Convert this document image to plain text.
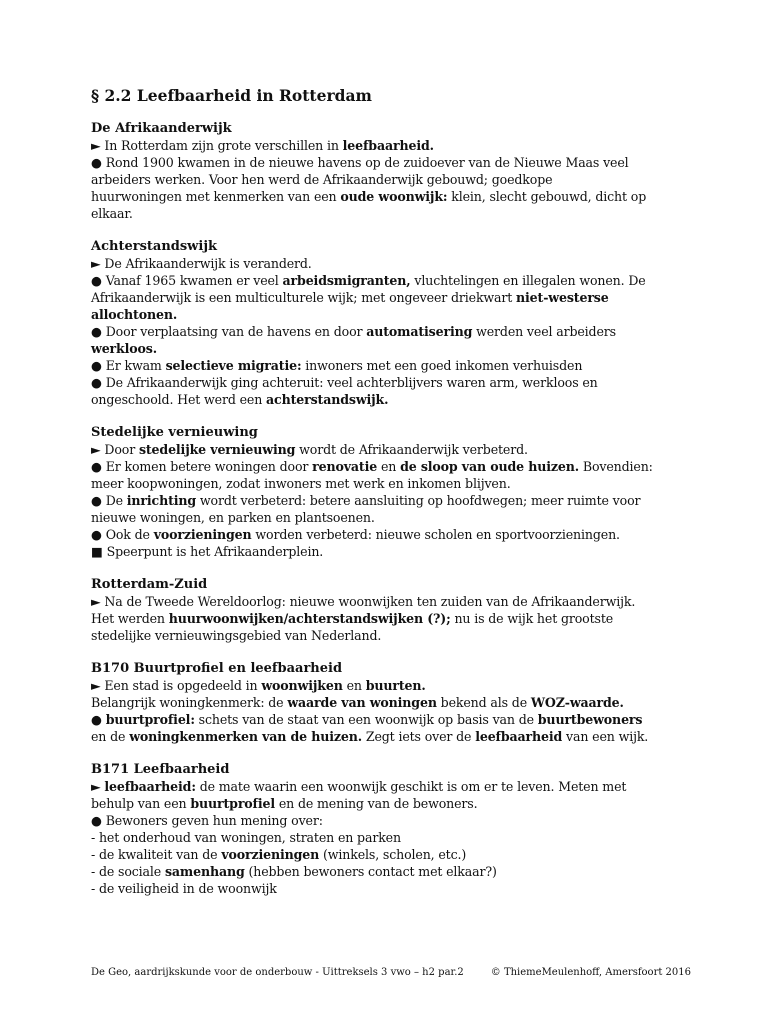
§ 2.2 Leefbaarheid in Rotterdam
De Afrikaanderwijk
► In Rotterdam zijn grote verschillen in leefbaarheid.
● Rond 1900 kwamen in de nieuwe havens op de zuidoever van de Nieuwe Maas veel
arbeiders werken. Voor hen werd de Afrikaanderwijk gebouwd; goedkope
huurwoningen met kenmerken van een oude woonwijk: klein, slecht gebouwd, dicht op
elkaar.
Achterstandswijk
► De Afrikaanderwijk is veranderd.
● Vanaf 1965 kwamen er veel arbeidsmigranten, vluchtelingen en illegalen wonen. De
Afrikaanderwijk is een multiculturele wijk; met ongeveer driekwart niet-westerse
allochtonen.
● Door verplaatsing van de havens en door automatisering werden veel arbeiders
werkloos.
● Er kwam selectieve migratie: inwoners met een goed inkomen verhuisden
● De Afrikaanderwijk ging achteruit: veel achterblijvers waren arm, werkloos en
ongeschoold. Het werd een achterstandswijk.
Stedelijke vernieuwing
► Door stedelijke vernieuwing wordt de Afrikaanderwijk verbeterd.
● Er komen betere woningen door renovatie en de sloop van oude huizen. Bovendien:
meer koopwoningen, zodat inwoners met werk en inkomen blijven.
● De inrichting wordt verbeterd: betere aansluiting op hoofdwegen; meer ruimte voor
nieuwe woningen, en parken en plantsoenen.
● Ook de voorzieningen worden verbeterd: nieuwe scholen en sportvoorzieningen.
■ Speerpunt is het Afrikaanderplein.
Rotterdam-Zuid
► Na de Tweede Wereldoorlog: nieuwe woonwijken ten zuiden van de Afrikaanderwijk.
Het werden huurwoonwijken/achterstandswijken (?); nu is de wijk het grootste
stedelijke vernieuwingsgebied van Nederland.
B170 Buurtprofiel en leefbaarheid
► Een stad is opgedeeld in woonwijken en buurten.
Belangrijk woningkenmerk: de waarde van woningen bekend als de WOZ-waarde.
● buurtprofiel: schets van de staat van een woonwijk op basis van de buurtbewoners
en de woningkenmerken van de huizen. Zegt iets over de leefbaarheid van een wijk.
B171 Leefbaarheid
► leefbaarheid: de mate waarin een woonwijk geschikt is om er te leven. Meten met
behulp van een buurtprofiel en de mening van de bewoners.
● Bewoners geven hun mening over:
- het onderhoud van woningen, straten en parken
- de kwaliteit van de voorzieningen (winkels, scholen, etc.)
- de sociale samenhang (hebben bewoners contact met elkaar?)
- de veiligheid in de woonwijk
De Geo, aardrijkskunde voor de onderbouw - Uittreksels 3 vwo – h2 par.2	© ThiemeMeulenhoff, Amersfoort 2016
